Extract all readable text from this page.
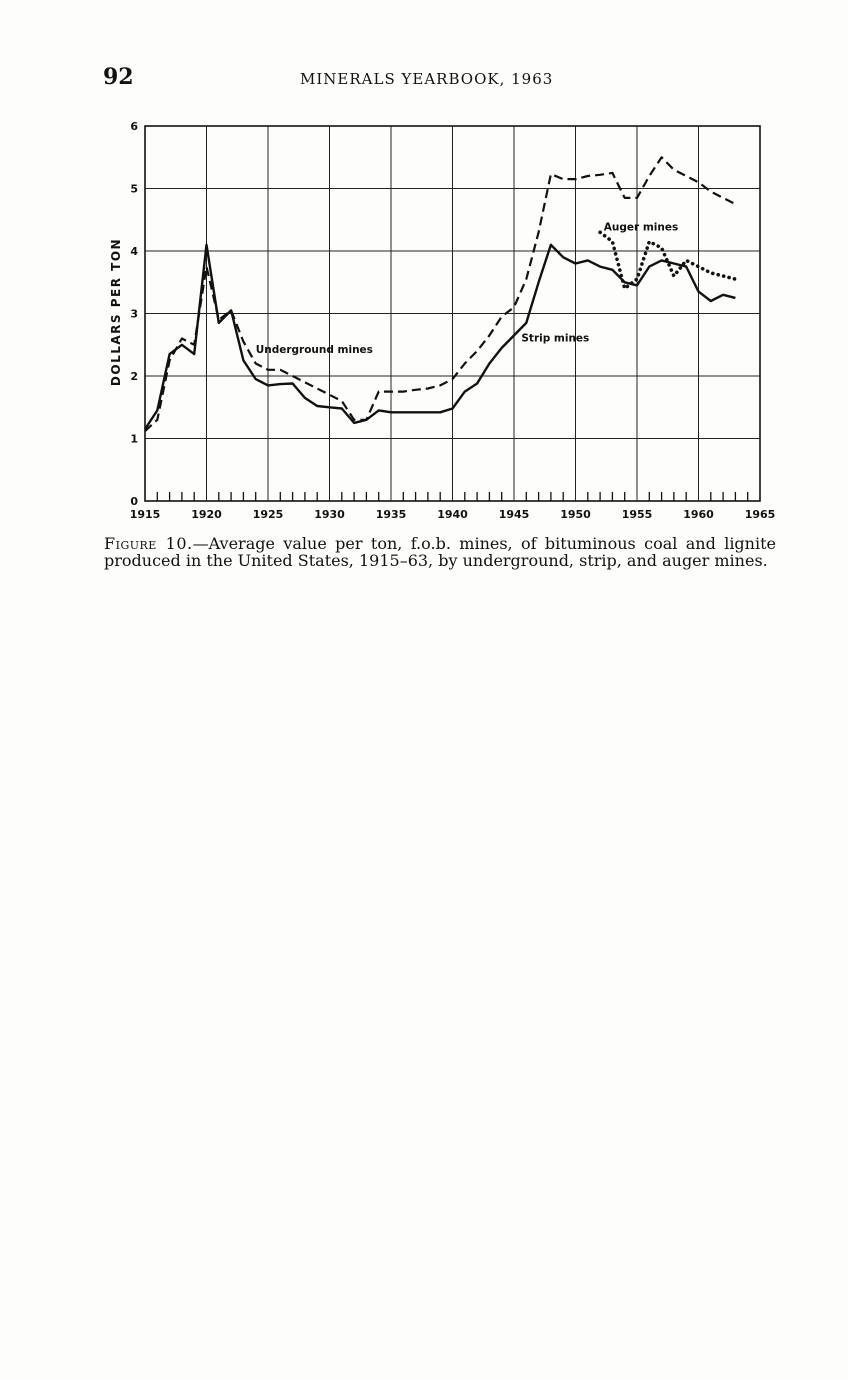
92	MINERALS YEARBOOK, 1963
1915	1920	1925	1930	1935	1940	1945	1950	1955	1960	1965
0
1
2
3
4
5
6
Underground mines
Strip mines
Auger mines
DOLLARS PER TON
Figure 10.—Average value per ton, f.o.b. mines, of bituminous coal and lignite produced in the United States, 1915–63, by underground, strip, and auger mines.
